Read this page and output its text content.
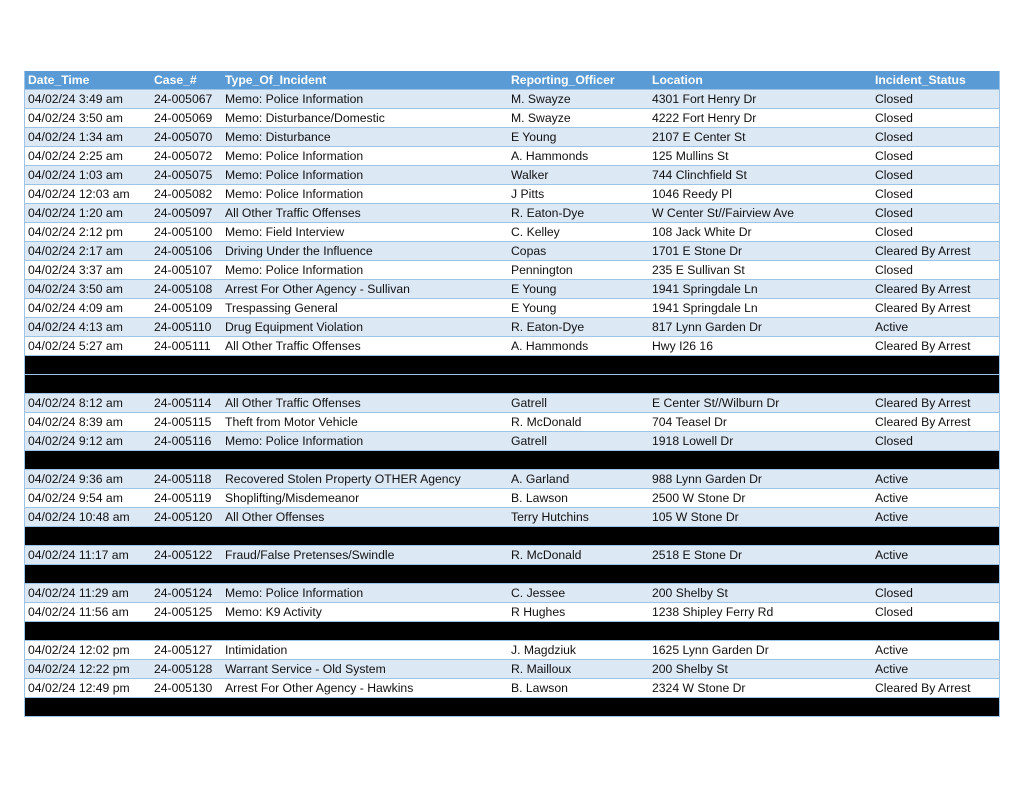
Date_Time	Case_#	Type_Of_Incident	Reporting_Officer	Location	Incident_Status
04/02/24 3:49 am	24-005067	Memo: Police Information	M. Swayze	4301 Fort Henry Dr	Closed
04/02/24 3:50 am	24-005069	Memo: Disturbance/Domestic	M. Swayze	4222 Fort Henry Dr	Closed
04/02/24 1:34 am	24-005070	Memo: Disturbance	E Young	2107 E Center St	Closed
04/02/24 2:25 am	24-005072	Memo: Police Information	A. Hammonds	125 Mullins St	Closed
04/02/24 1:03 am	24-005075	Memo: Police Information	Walker	744 Clinchfield St	Closed
04/02/24 12:03 am	24-005082	Memo: Police Information	J Pitts	1046 Reedy Pl	Closed
04/02/24 1:20 am	24-005097	All Other Traffic Offenses	R. Eaton-Dye	W Center St//Fairview Ave	Closed
04/02/24 2:12 pm	24-005100	Memo: Field Interview	C. Kelley	108 Jack White Dr	Closed
04/02/24 2:17 am	24-005106	Driving Under the Influence	Copas	1701 E Stone Dr	Cleared By Arrest
04/02/24 3:37 am	24-005107	Memo: Police Information	Pennington	235 E Sullivan St	Closed
04/02/24 3:50 am	24-005108	Arrest For Other Agency - Sullivan	E Young	1941 Springdale Ln	Cleared By Arrest
04/02/24 4:09 am	24-005109	Trespassing General	E Young	1941 Springdale Ln	Cleared By Arrest
04/02/24 4:13 am	24-005110	Drug Equipment Violation	R. Eaton-Dye	817 Lynn Garden Dr	Active
04/02/24 5:27 am	24-005111	All Other Traffic Offenses	A. Hammonds	Hwy I26 16	Cleared By Arrest

04/02/24 8:12 am	24-005114	All Other Traffic Offenses	Gatrell	E Center St//Wilburn Dr	Cleared By Arrest
04/02/24 8:39 am	24-005115	Theft from Motor Vehicle	R. McDonald	704 Teasel Dr	Cleared By Arrest
04/02/24 9:12 am	24-005116	Memo: Police Information	Gatrell	1918 Lowell Dr	Closed

04/02/24 9:36 am	24-005118	Recovered Stolen Property OTHER Agency	A. Garland	988 Lynn Garden Dr	Active
04/02/24 9:54 am	24-005119	Shoplifting/Misdemeanor	B. Lawson	2500 W Stone Dr	Active
04/02/24 10:48 am	24-005120	All Other Offenses	Terry Hutchins	105 W Stone Dr	Active

04/02/24 11:17 am	24-005122	Fraud/False Pretenses/Swindle	R. McDonald	2518 E Stone Dr	Active

04/02/24 11:29 am	24-005124	Memo: Police Information	C. Jessee	200 Shelby St	Closed
04/02/24 11:56 am	24-005125	Memo: K9 Activity	R Hughes	1238 Shipley Ferry Rd	Closed

04/02/24 12:02 pm	24-005127	Intimidation	J. Magdziuk	1625 Lynn Garden Dr	Active
04/02/24 12:22 pm	24-005128	Warrant Service - Old System	R. Mailloux	200 Shelby St	Active
04/02/24 12:49 pm	24-005130	Arrest For Other Agency - Hawkins	B. Lawson	2324 W Stone Dr	Cleared By Arrest
